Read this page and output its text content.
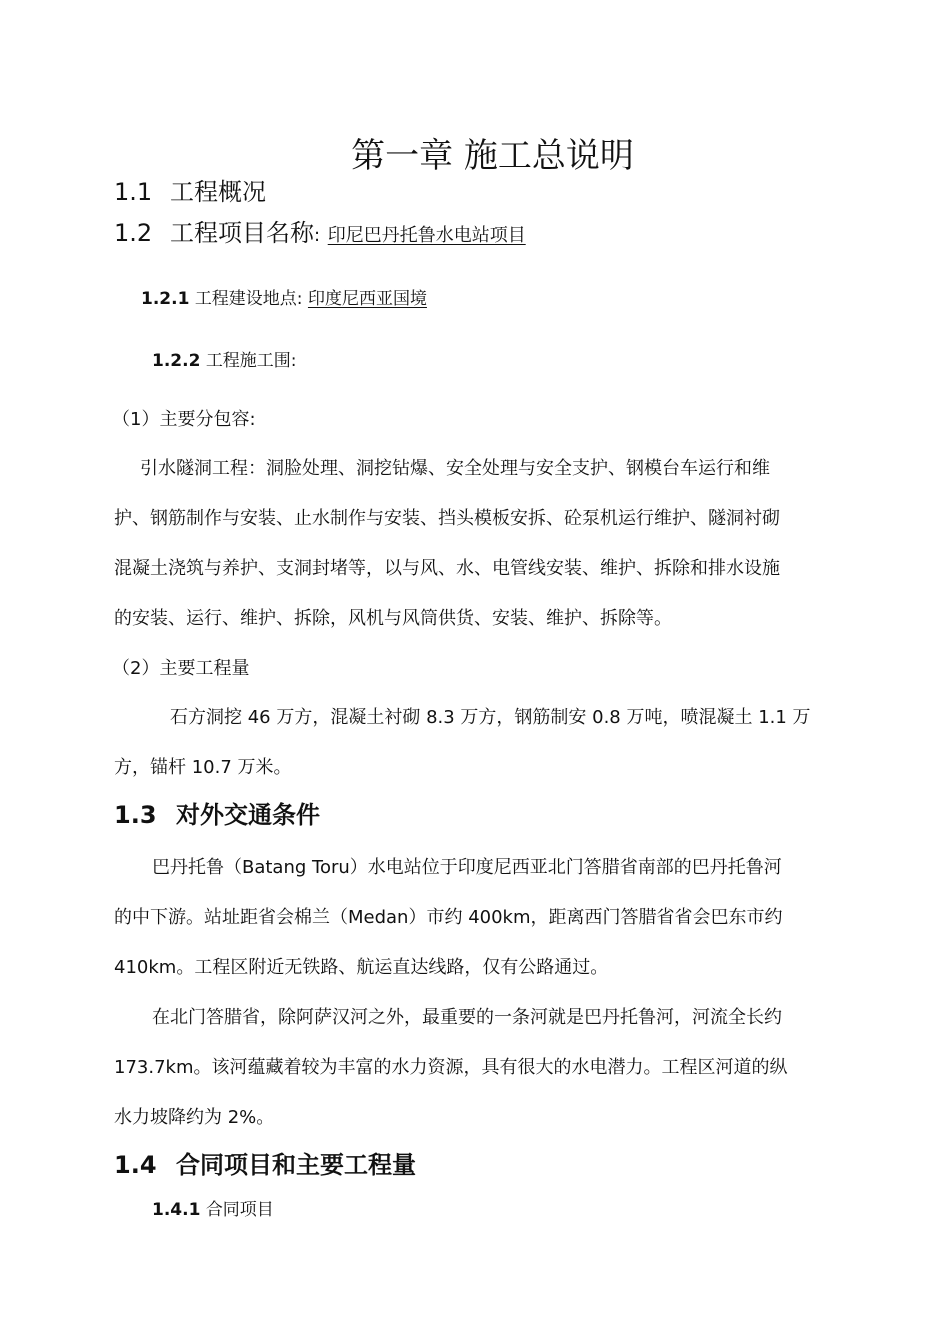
第一章 施工总说明
1.1 工程概况
1.2 工程项目名称: 印尼巴丹托鲁水电站项目
1.2.1 工程建设地点: 印度尼西亚国境
1.2.2 工程施工围:
（1）主要分包容:
引水隧洞工程：洞脸处理、洞挖钻爆、安全处理与安全支护、钢模台车运行和维
护、钢筋制作与安装、止水制作与安装、挡头模板安拆、砼泵机运行维护、隧洞衬砌
混凝土浇筑与养护、支洞封堵等，以与风、水、电管线安装、维护、拆除和排水设施
的安装、运行、维护、拆除，风机与风筒供货、安装、维护、拆除等。
（2）主要工程量
石方洞挖 46 万方，混凝土衬砌 8.3 万方，钢筋制安 0.8 万吨，喷混凝土 1.1 万
方，锚杆 10.7 万米。
1.3 对外交通条件
巴丹托鲁（Batang Toru）水电站位于印度尼西亚北门答腊省南部的巴丹托鲁河
的中下游。站址距省会棉兰（Medan）市约 400km，距离西门答腊省省会巴东市约
410km。工程区附近无铁路、航运直达线路，仅有公路通过。
在北门答腊省，除阿萨汉河之外，最重要的一条河就是巴丹托鲁河，河流全长约
173.7km。该河蕴藏着较为丰富的水力资源，具有很大的水电潜力。工程区河道的纵
水力坡降约为 2%。
1.4 合同项目和主要工程量
1.4.1 合同项目
